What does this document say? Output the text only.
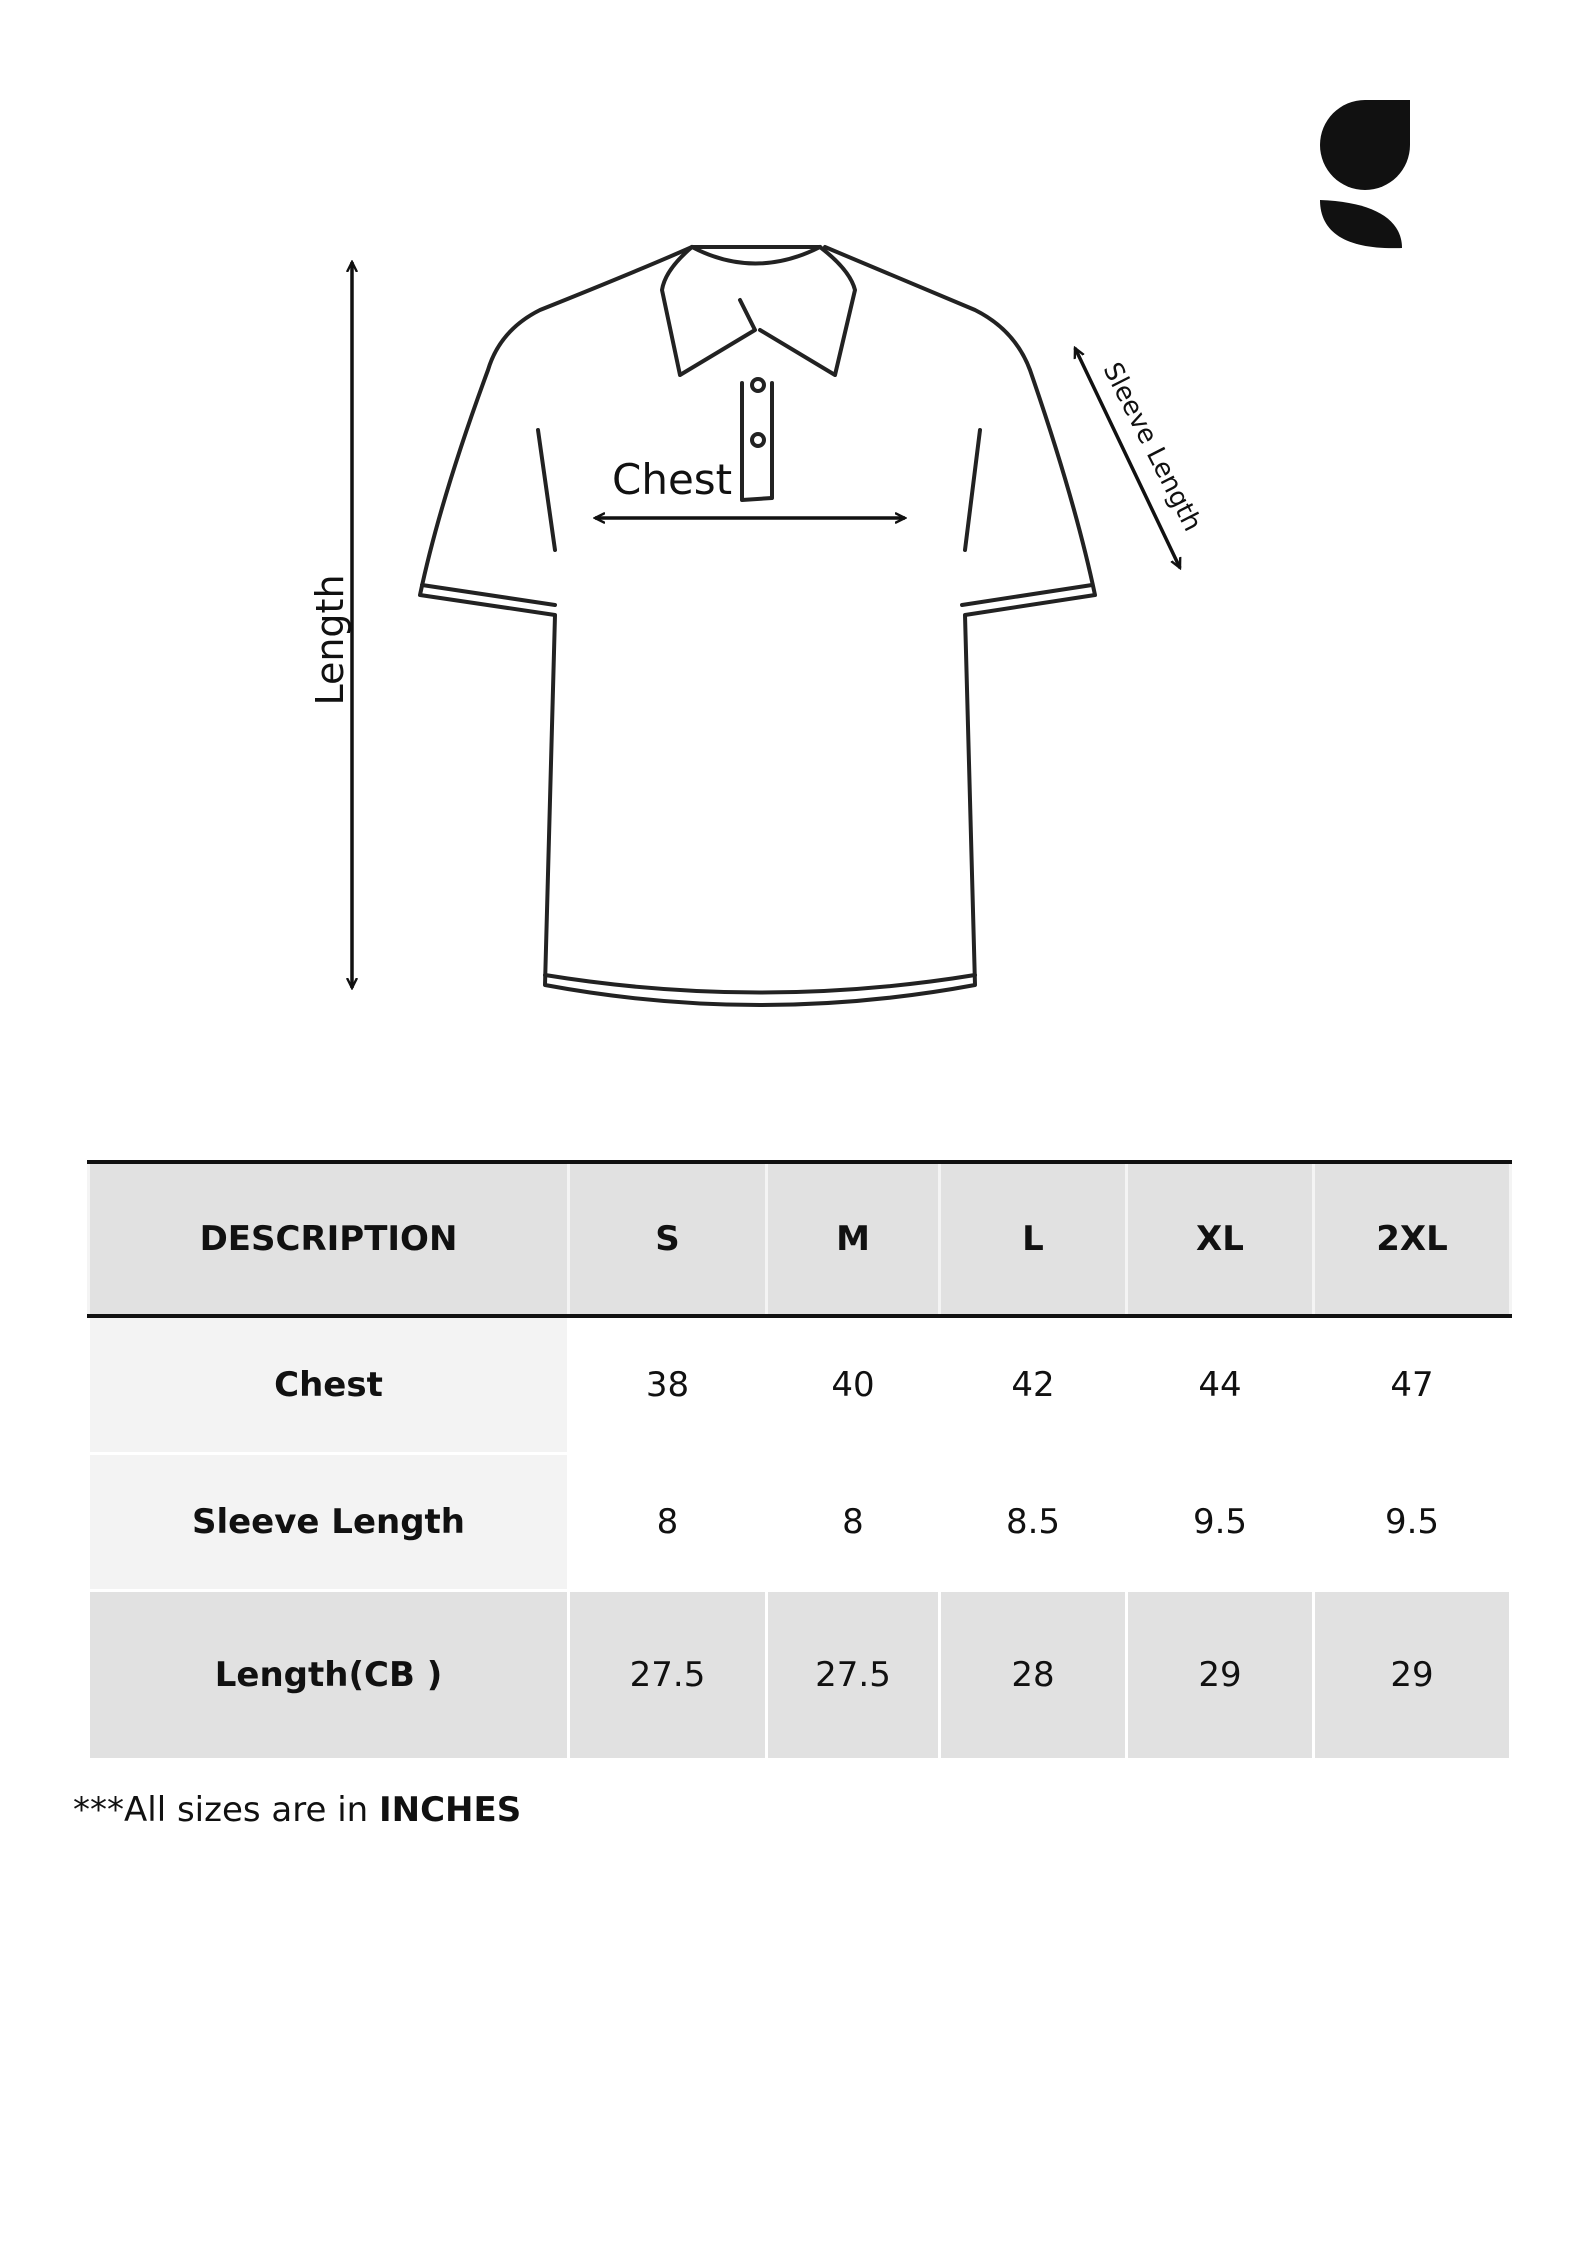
Chest
Length
Sleeve Length
DESCRIPTION	S	M	L	XL	2XL
Chest	38	40	42	44	47
Sleeve Length	8	8	8.5	9.5	9.5
Length(CB )	27.5	27.5	28	29	29
***All sizes are in INCHES
